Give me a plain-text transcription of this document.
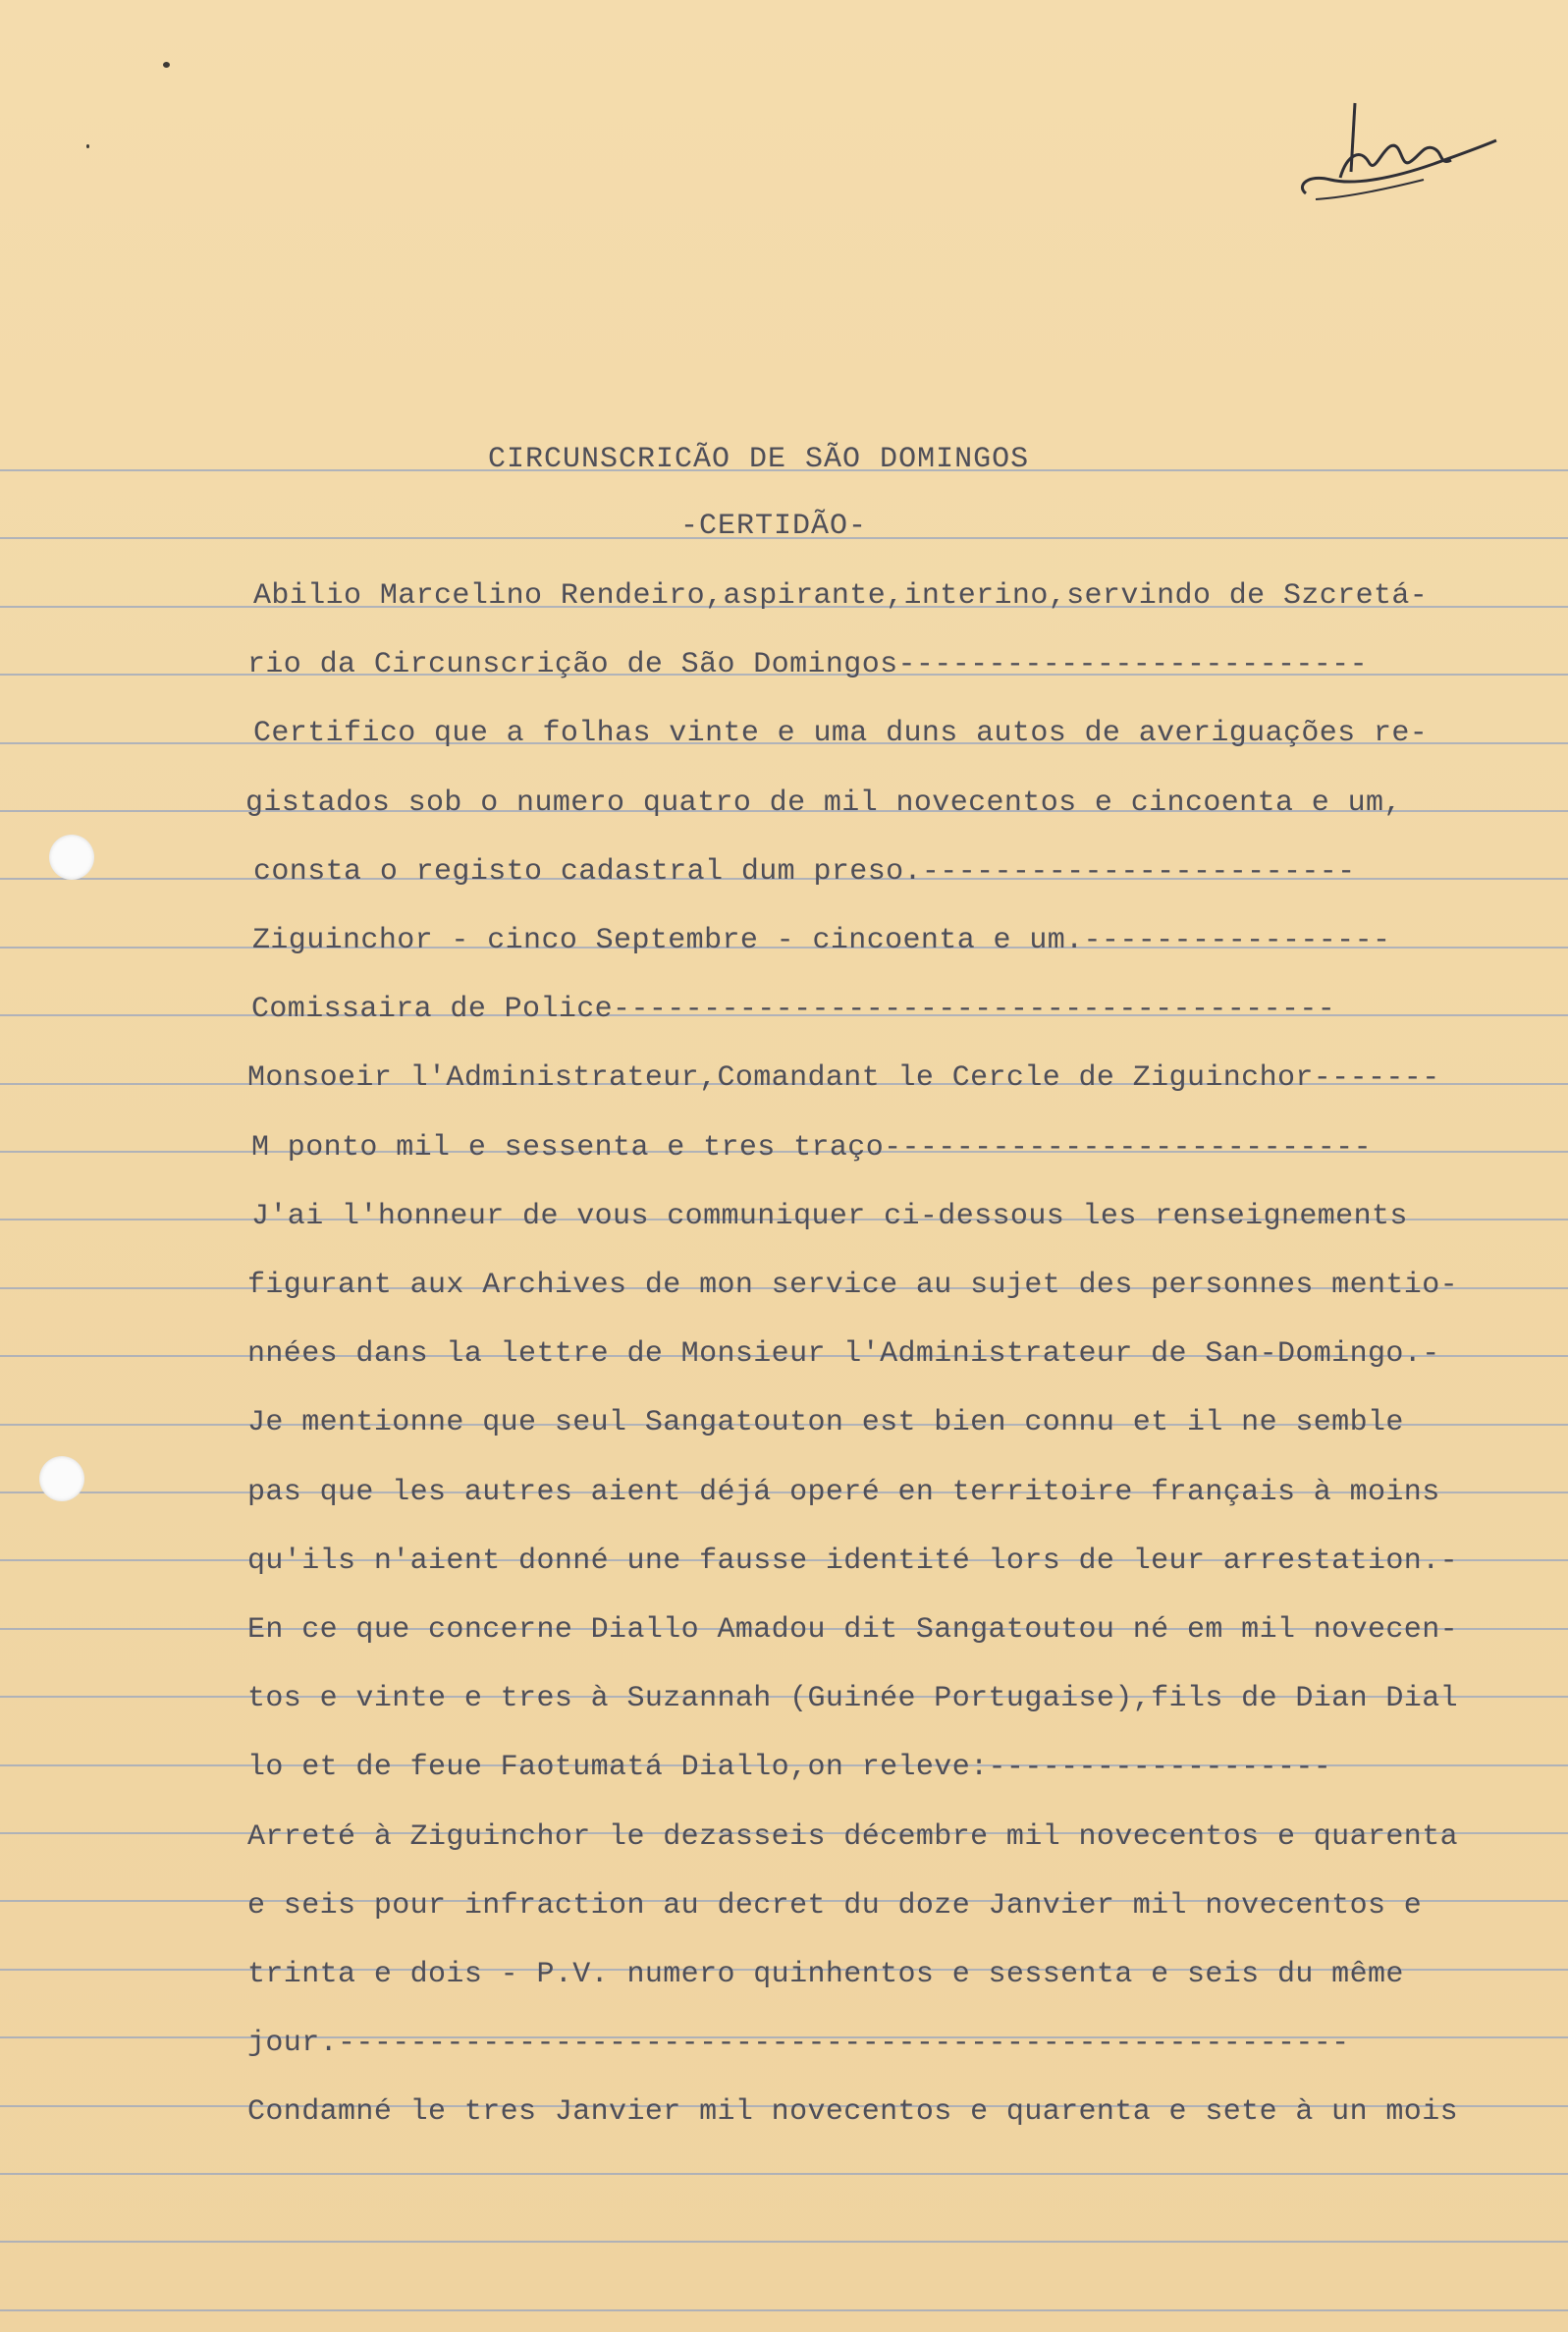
CIRCUNSCRICÃO DE SÃO DOMINGOS
-CERTIDÃO-
Abilio Marcelino Rendeiro,aspirante,interino,servindo de Szcretá-
rio da Circunscrição de São Domingos--------------------------
Certifico que a folhas vinte e uma duns autos de averiguações re-
gistados sob o numero quatro de mil novecentos e cincoenta e um,
consta o registo cadastral dum preso.------------------------
Ziguinchor - cinco Septembre - cincoenta e um.-----------------
Comissaira de Police----------------------------------------
Monsoeir l'Administrateur,Comandant le Cercle de Ziguinchor-------
M ponto mil e sessenta e tres traço---------------------------
J'ai l'honneur de vous communiquer ci-dessous les renseignements
figurant aux Archives de mon service au sujet des personnes mentio-
nnées dans la lettre de Monsieur l'Administrateur de San-Domingo.-
Je mentionne que seul Sangatouton est bien connu et il ne semble
pas que les autres aient déjá operé en territoire français à moins
qu'ils n'aient donné une fausse identité lors de leur arrestation.-
En ce que concerne Diallo Amadou dit Sangatoutou né em mil novecen-
tos e vinte e tres à Suzannah (Guinée Portugaise),fils de Dian Dial
lo et de feue Faotumatá Diallo,on releve:-------------------
Arreté à Ziguinchor le dezasseis décembre mil novecentos e quarenta
e seis pour infraction au decret du doze Janvier mil novecentos e
trinta e dois - P.V. numero quinhentos e sessenta e seis du même
jour.--------------------------------------------------------
Condamné le tres Janvier mil novecentos e quarenta e sete à un mois
